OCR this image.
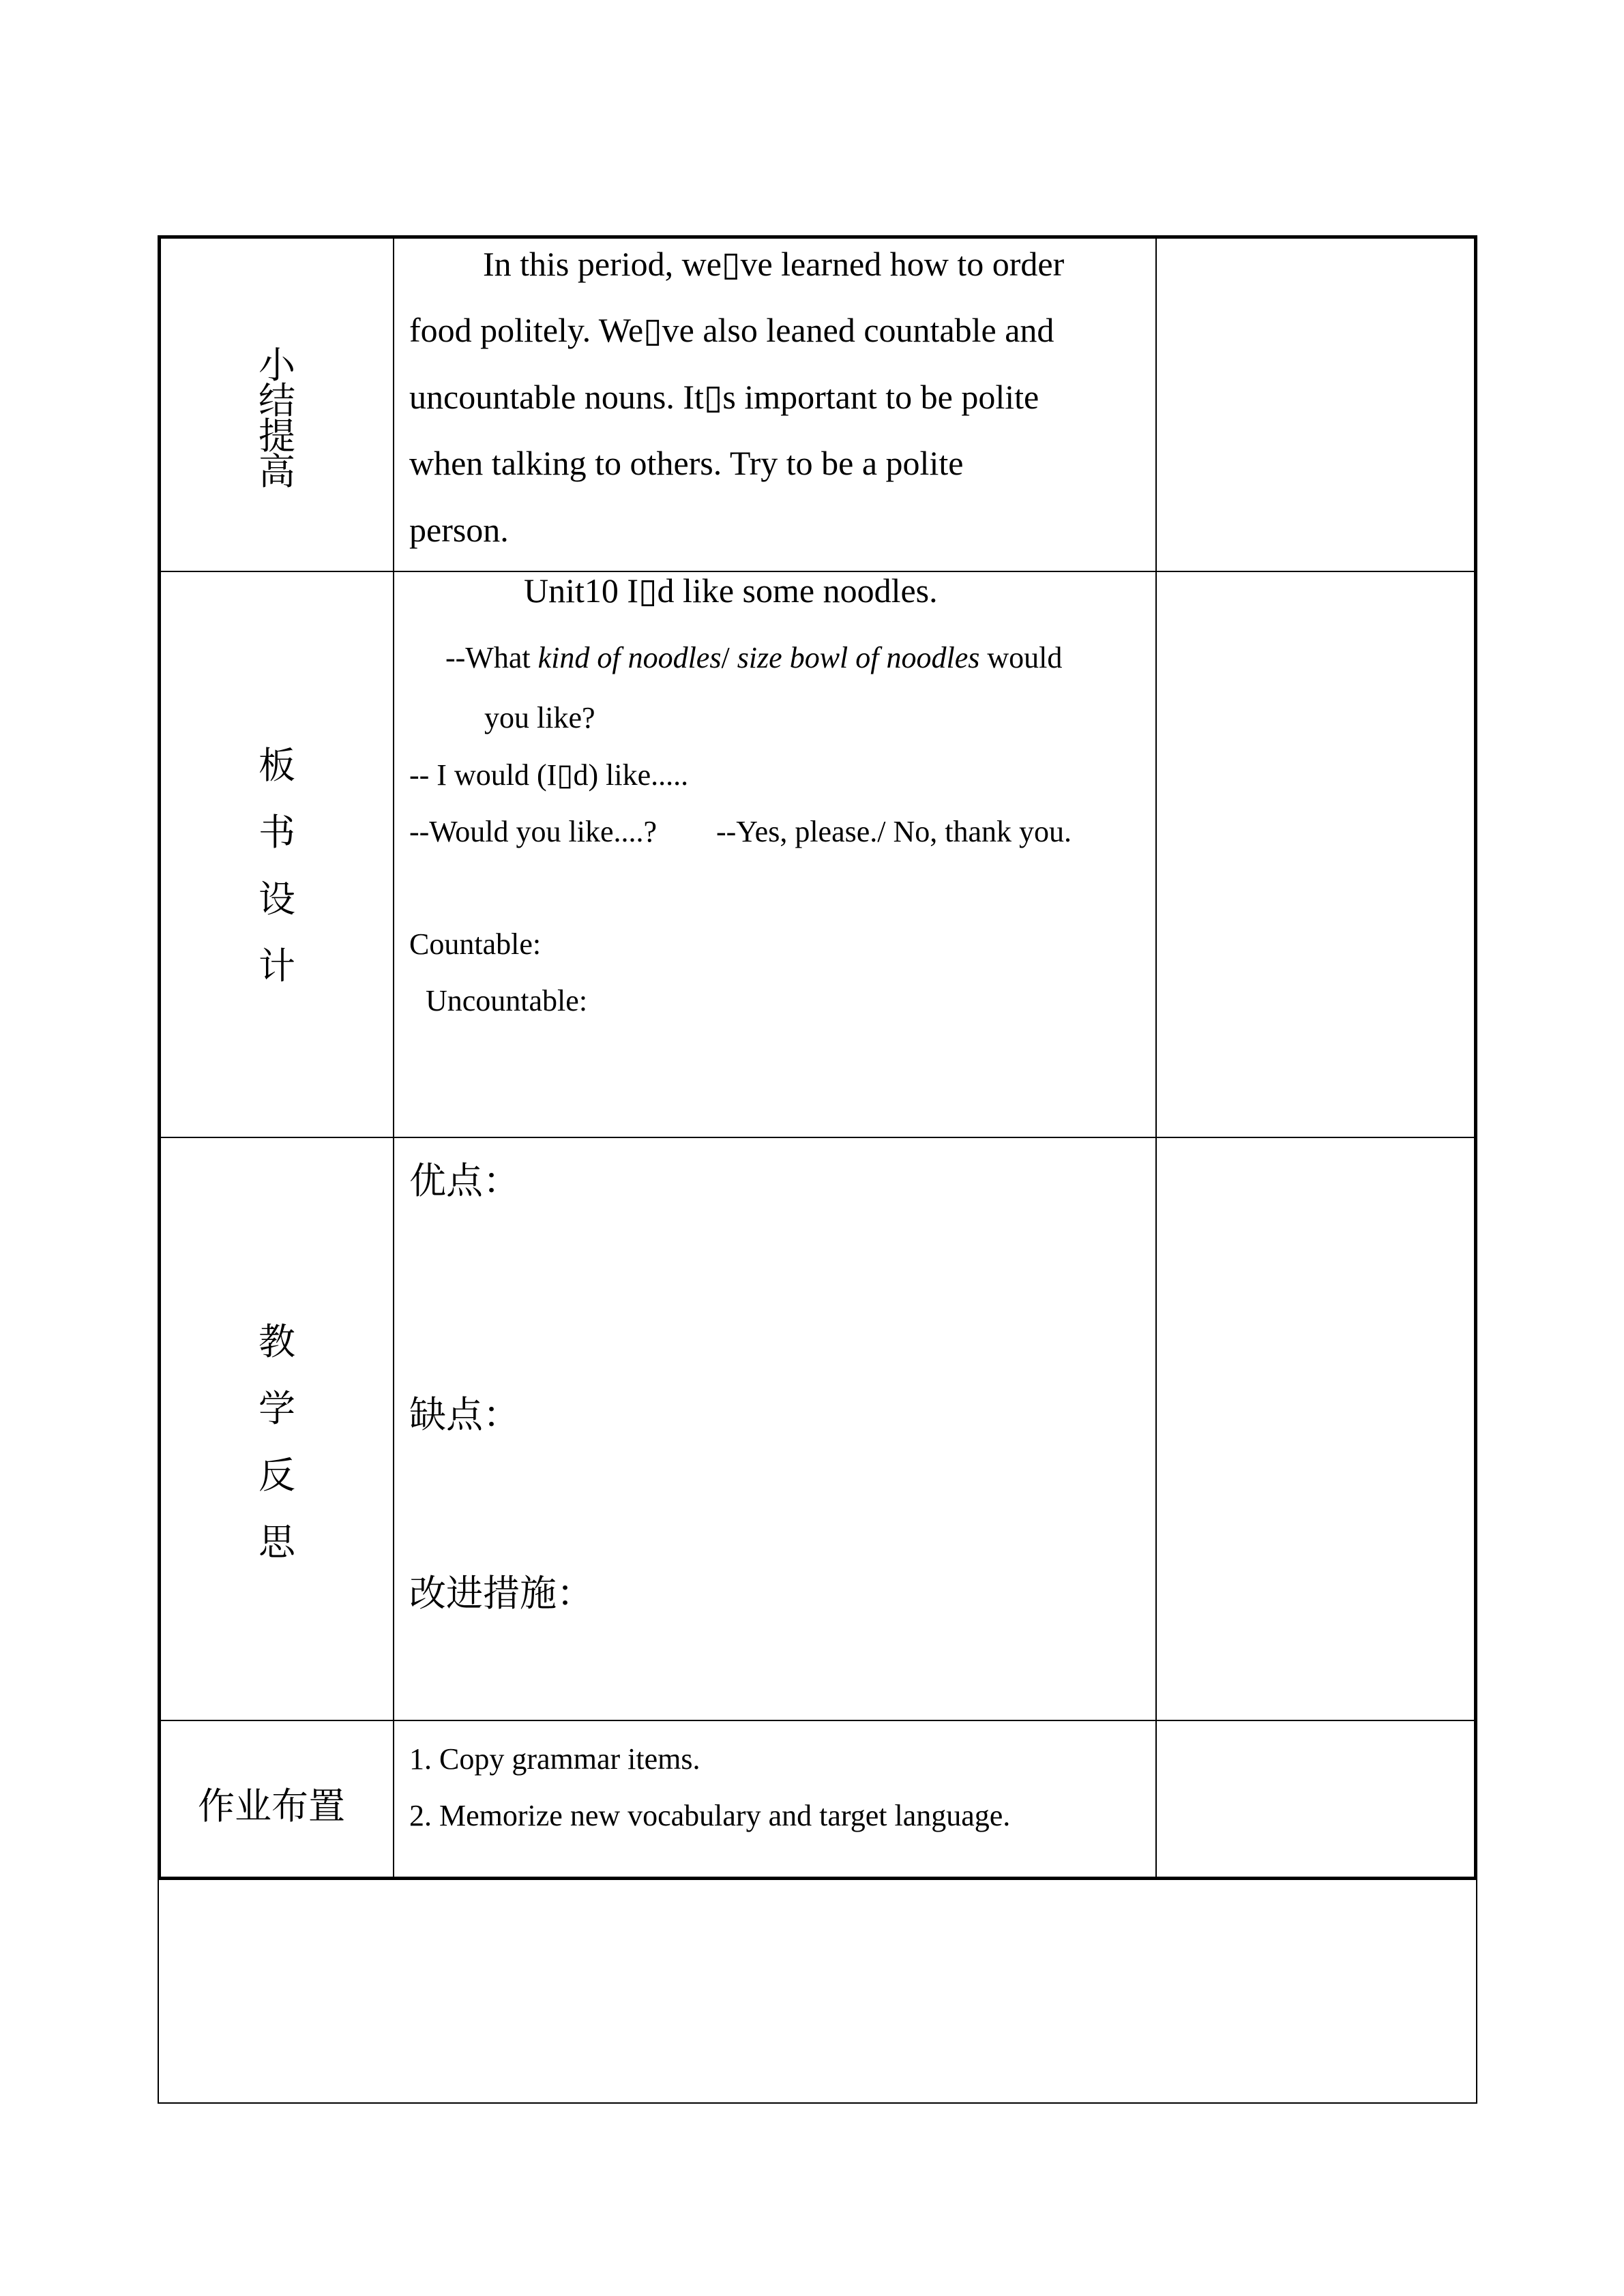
小
结
提
高
In this period, we▯ve learned how to order
food politely. We▯ve also leaned countable and
uncountable nouns. It▯s important to be polite
when talking to others. Try to be a polite
person.
板
书
设
计
Unit10 I▯d like some noodles.
--What kind of noodles/ size bowl of noodles would
you like?
-- I would (I▯d) like.....
--Would you like....? --Yes, please./ No, thank you.
Countable:
Uncountable:
教
学
反
思
优点：
缺点：
改进措施：
作业布置
1. Copy grammar items.
2. Memorize new vocabulary and target language.
